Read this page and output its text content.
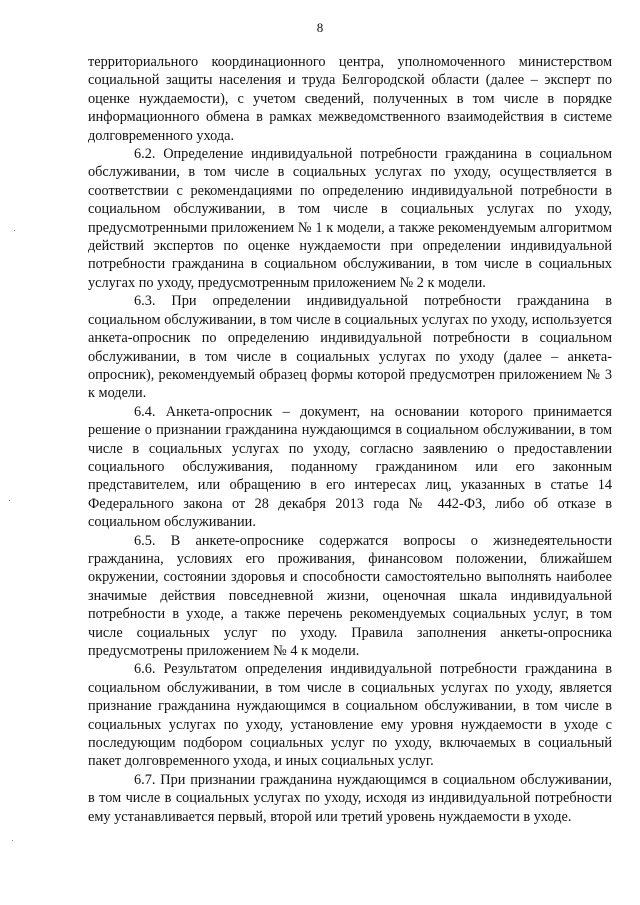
8

территориального координационного центра, уполномоченного министерством социальной защиты населения и труда Белгородской области (далее – эксперт по оценке нуждаемости), с учетом сведений, полученных в том числе в порядке информационного обмена в рамках межведомственного взаимодействия в системе долговременного ухода.

6.2. Определение индивидуальной потребности гражданина в социальном обслуживании, в том числе в социальных услугах по уходу, осуществляется в соответствии с рекомендациями по определению индивидуальной потребности в социальном обслуживании, в том числе в социальных услугах по уходу, предусмотренными приложением № 1 к модели, а также рекомендуемым алгоритмом действий экспертов по оценке нуждаемости при определении индивидуальной потребности гражданина в социальном обслуживании, в том числе в социальных услугах по уходу, предусмотренным приложением № 2 к модели.

6.3. При определении индивидуальной потребности гражданина в социальном обслуживании, в том числе в социальных услугах по уходу, используется анкета-опросник по определению индивидуальной потребности в социальном обслуживании, в том числе в социальных услугах по уходу (далее – анкета-опросник), рекомендуемый образец формы которой предусмотрен приложением № 3 к модели.

6.4. Анкета-опросник – документ, на основании которого принимается решение о признании гражданина нуждающимся в социальном обслуживании, в том числе в социальных услугах по уходу, согласно заявлению о предоставлении социального обслуживания, поданному гражданином или его законным представителем, или обращению в его интересах лиц, указанных в статье 14 Федерального закона от 28 декабря 2013 года № 442-ФЗ, либо об отказе в социальном обслуживании.

6.5. В анкете-опроснике содержатся вопросы о жизнедеятельности гражданина, условиях его проживания, финансовом положении, ближайшем окружении, состоянии здоровья и способности самостоятельно выполнять наиболее значимые действия повседневной жизни, оценочная шкала индивидуальной потребности в уходе, а также перечень рекомендуемых социальных услуг, в том числе социальных услуг по уходу. Правила заполнения анкеты-опросника предусмотрены приложением № 4 к модели.

6.6. Результатом определения индивидуальной потребности гражданина в социальном обслуживании, в том числе в социальных услугах по уходу, является признание гражданина нуждающимся в социальном обслуживании, в том числе в социальных услугах по уходу, установление ему уровня нуждаемости в уходе с последующим подбором социальных услуг по уходу, включаемых в социальный пакет долговременного ухода, и иных социальных услуг.

6.7. При признании гражданина нуждающимся в социальном обслуживании, в том числе в социальных услугах по уходу, исходя из индивидуальной потребности ему устанавливается первый, второй или третий уровень нуждаемости в уходе.
